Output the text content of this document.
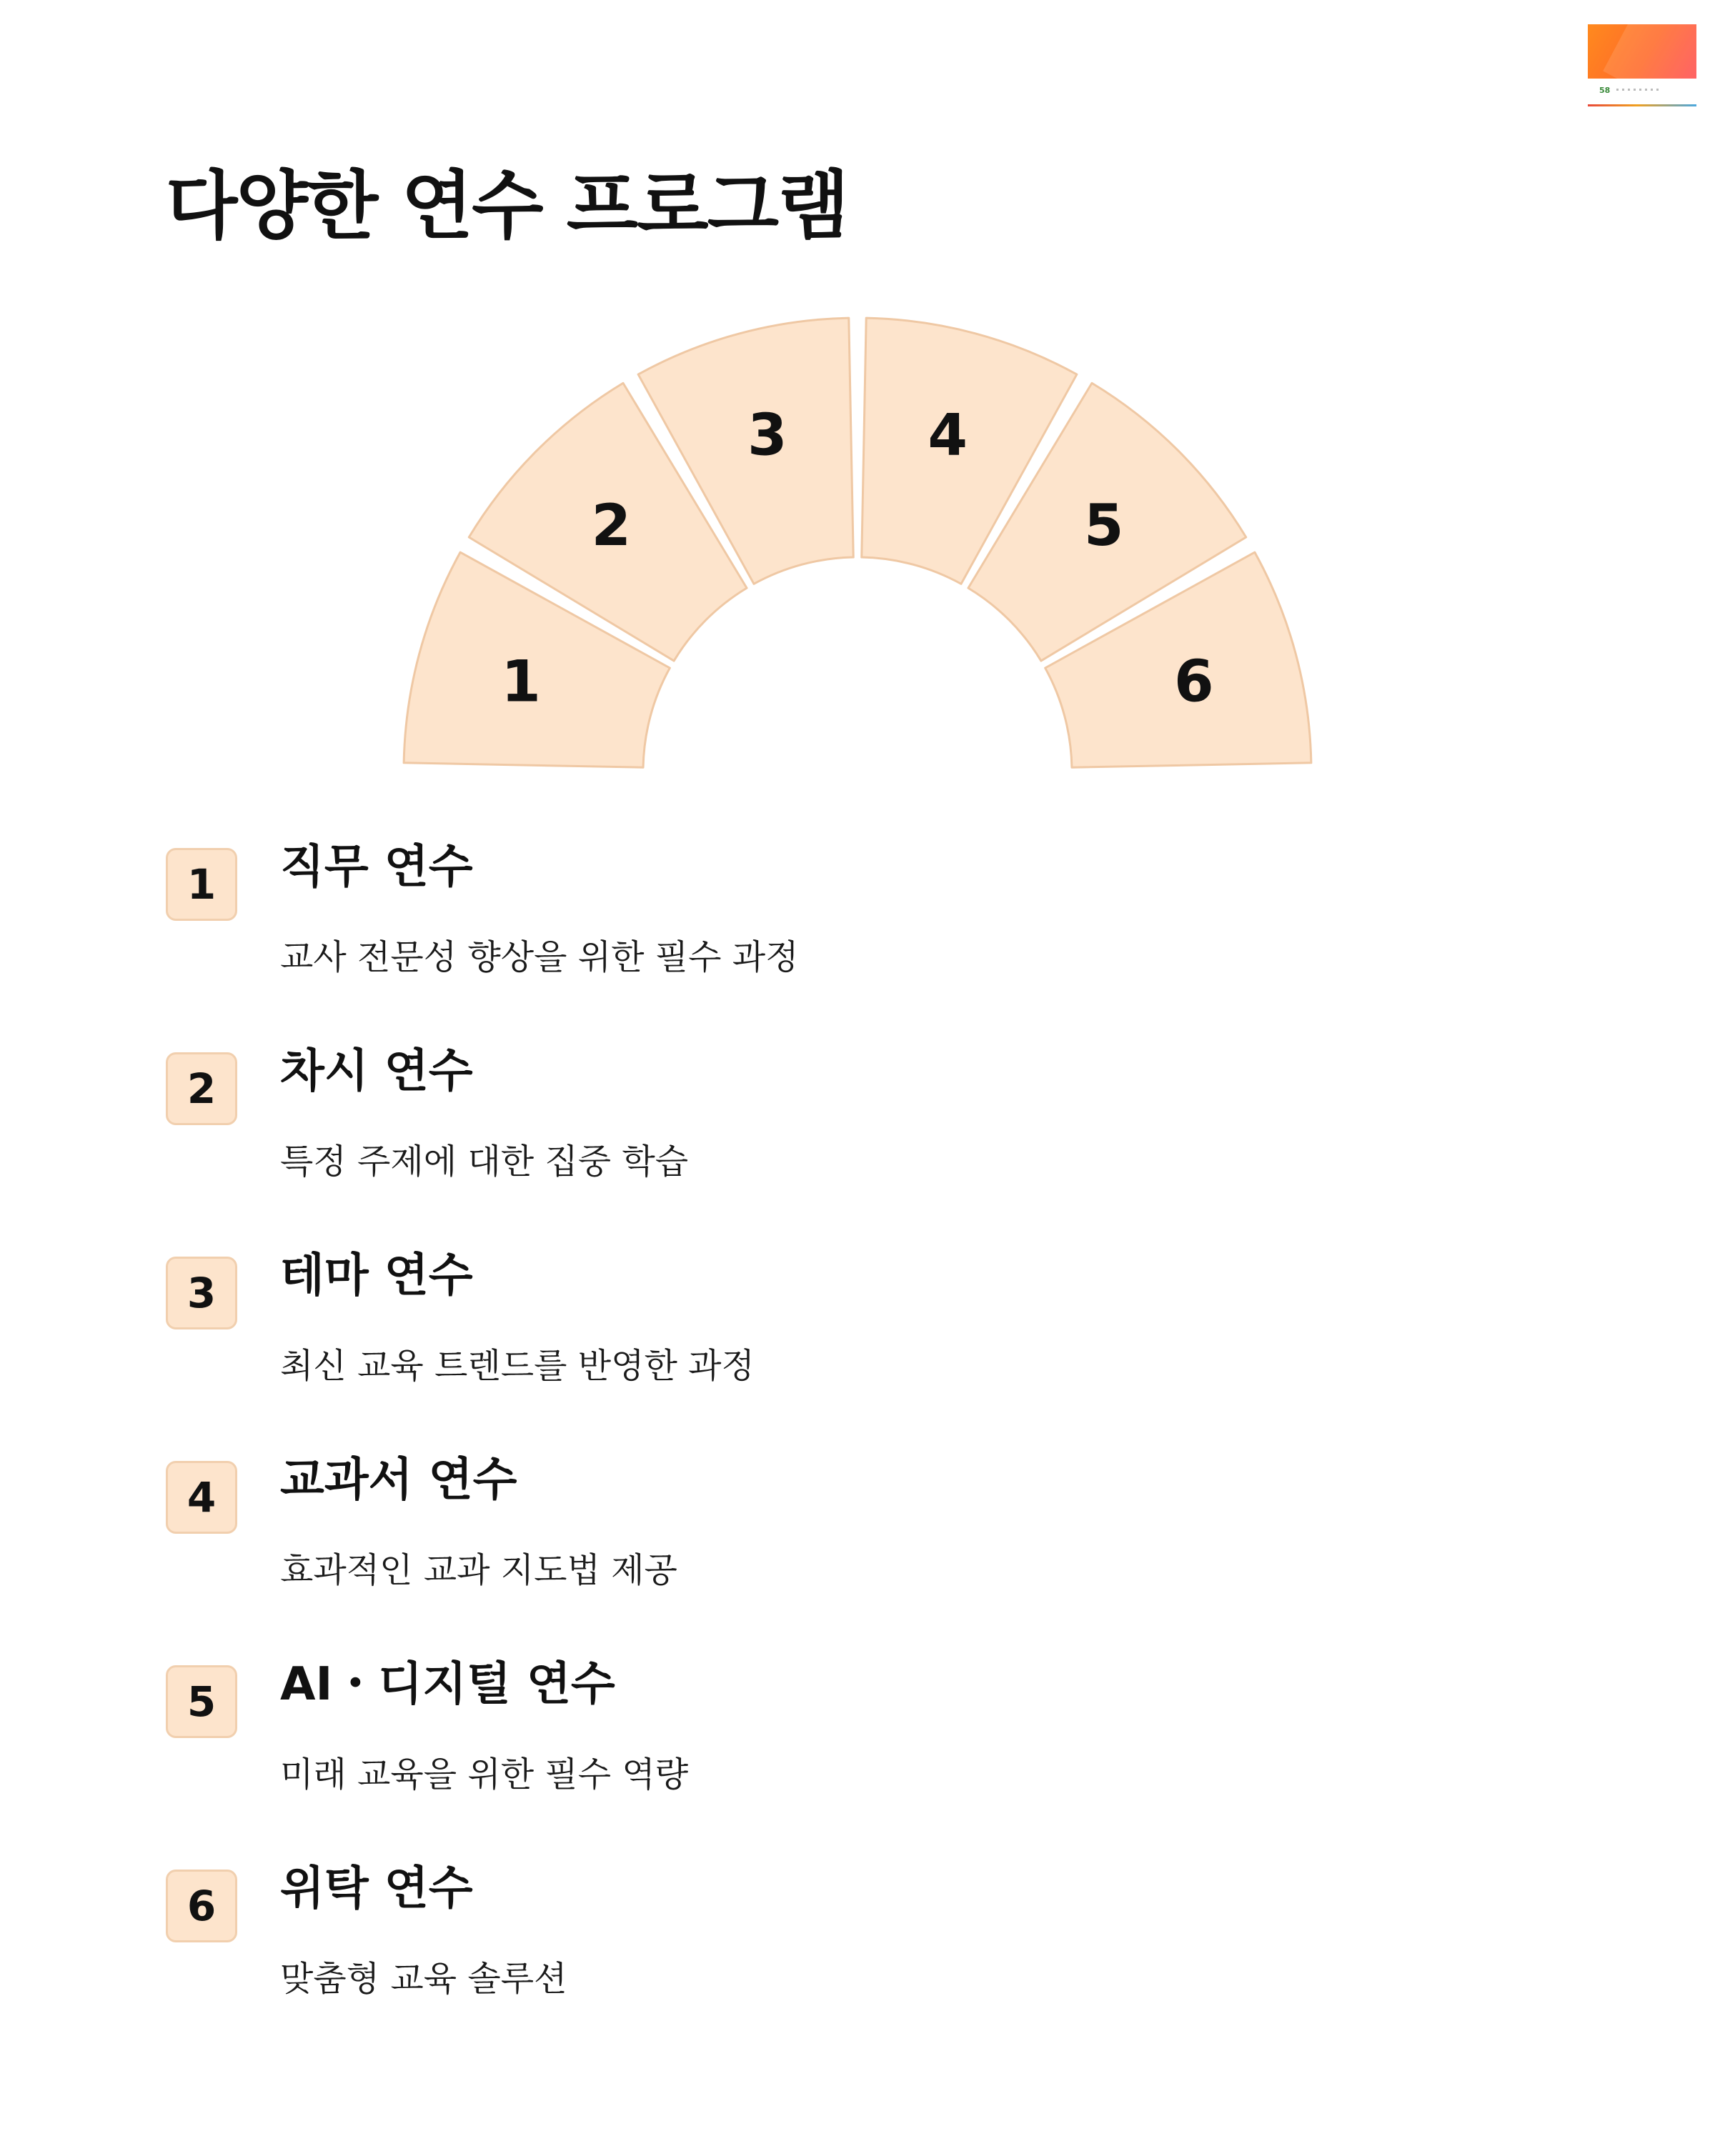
58
다양한 연수 프로그램
1
2
3 4
5
6
1	직무 연수
교사 전문성 향상을 위한 필수 과정
2	차시 연수
특정 주제에 대한 집중 학습
3	테마 연수
최신 교육 트렌드를 반영한 과정
4	교과서 연수
효과적인 교과 지도법 제공
5	AI・디지털 연수
미래 교육을 위한 필수 역량
6	위탁 연수
맞춤형 교육 솔루션
